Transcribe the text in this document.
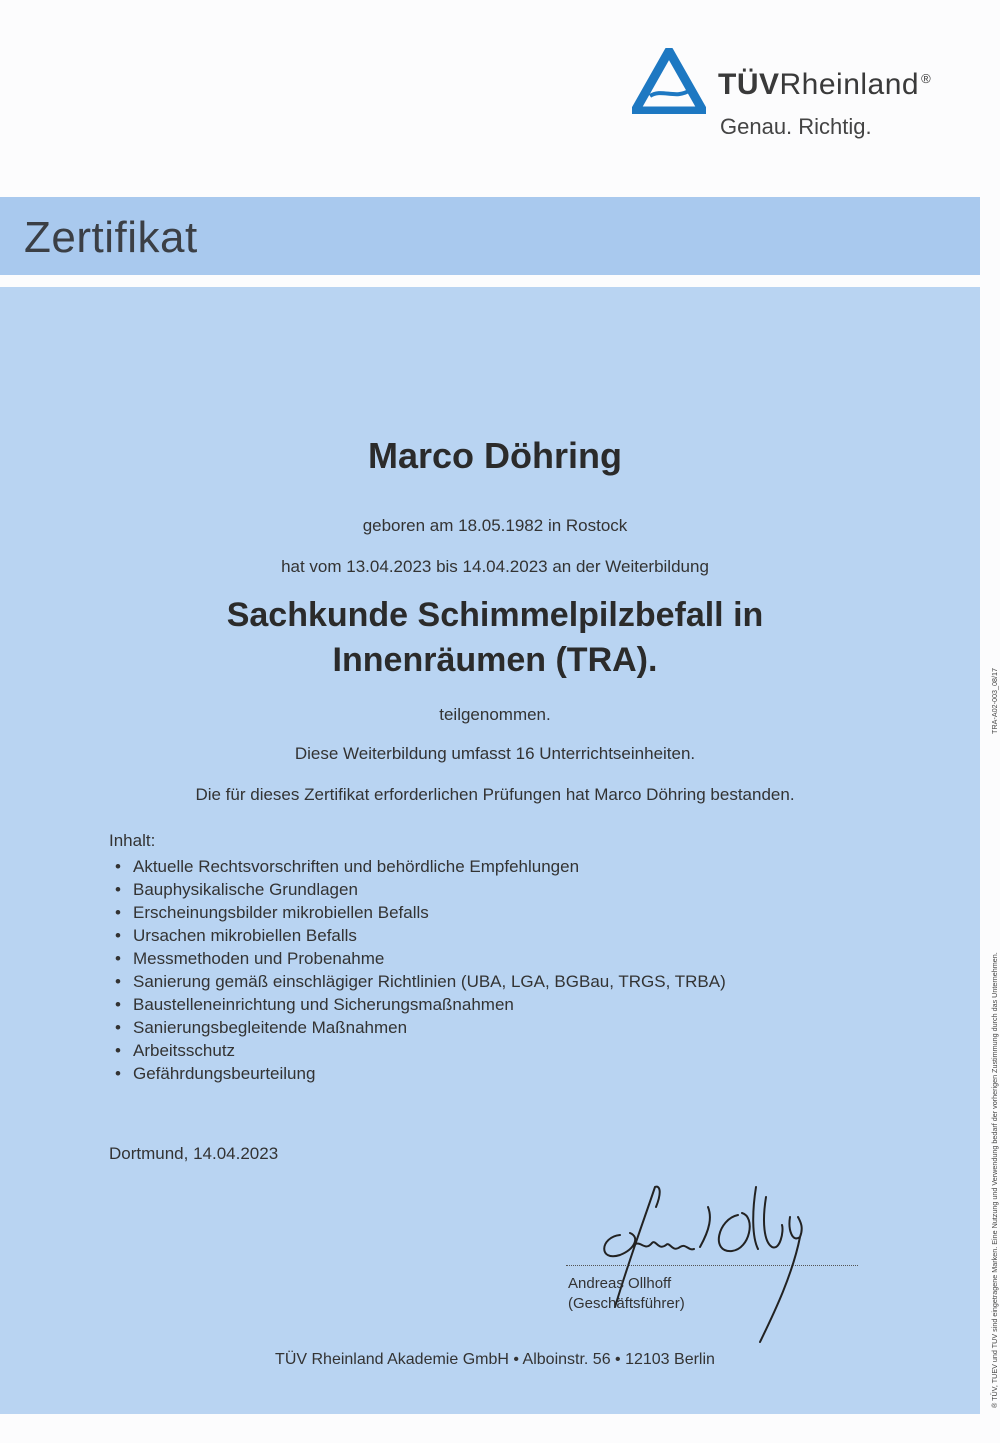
TÜVRheinland ®
Genau. Richtig.
Zertifikat
Marco Döhring
geboren am 18.05.1982 in Rostock
hat vom 13.04.2023 bis 14.04.2023 an der Weiterbildung
Sachkunde Schimmelpilzbefall in
Innenräumen (TRA).
teilgenommen.
Diese Weiterbildung umfasst 16 Unterrichtseinheiten.
Die für dieses Zertifikat erforderlichen Prüfungen hat Marco Döhring bestanden.
Inhalt:
• Aktuelle Rechtsvorschriften und behördliche Empfehlungen
• Bauphysikalische Grundlagen
• Erscheinungsbilder mikrobiellen Befalls
• Ursachen mikrobiellen Befalls
• Messmethoden und Probenahme
• Sanierung gemäß einschlägiger Richtlinien (UBA, LGA, BGBau, TRGS, TRBA)
• Baustelleneinrichtung und Sicherungsmaßnahmen
• Sanierungsbegleitende Maßnahmen
• Arbeitsschutz
• Gefährdungsbeurteilung
Dortmund, 14.04.2023
Andreas Ollhoff
(Geschäftsführer)
TÜV Rheinland Akademie GmbH • Alboinstr. 56 • 12103 Berlin	® TÜV, TUEV und TUV sind eingetragene Marken. Eine Nutzung und Verwendung bedarf der vorherigen Zustimmung durch das Unternehmen.
TRA-A02-003_08/17
